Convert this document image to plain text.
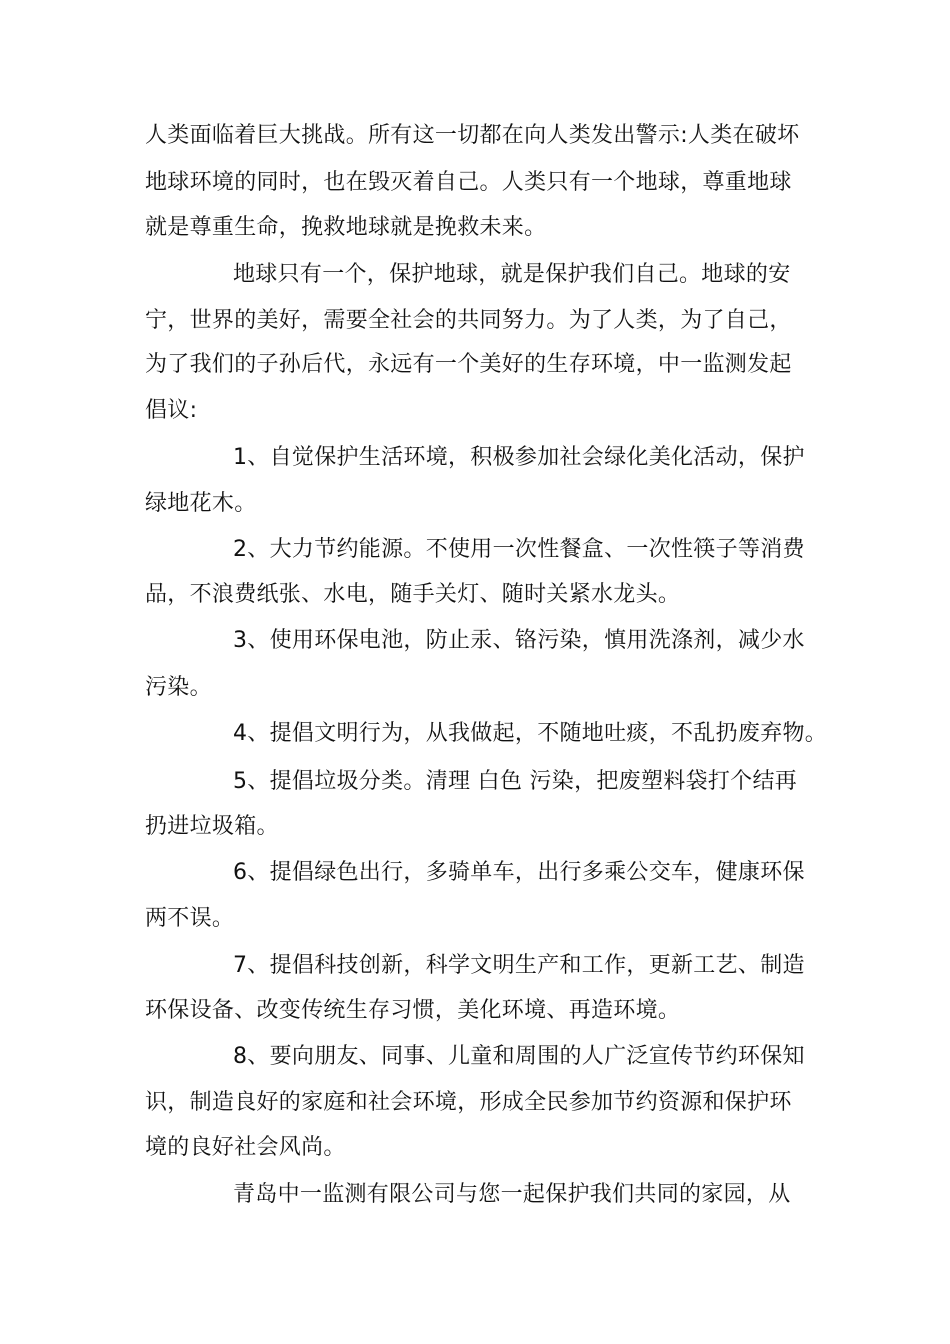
人类面临着巨大挑战。所有这一切都在向人类发出警示:人类在破坏
地球环境的同时，也在毁灭着自己。人类只有一个地球，尊重地球
就是尊重生命，挽救地球就是挽救未来。
地球只有一个，保护地球，就是保护我们自己。地球的安
宁，世界的美好，需要全社会的共同努力。为了人类，为了自己，
为了我们的子孙后代，永远有一个美好的生存环境，中一监测发起
倡议:
1、自觉保护生活环境，积极参加社会绿化美化活动，保护
绿地花木。
2、大力节约能源。不使用一次性餐盒、一次性筷子等消费
品，不浪费纸张、水电，随手关灯、随时关紧水龙头。
3、使用环保电池，防止汞、铬污染，慎用洗涤剂，减少水
污染。
4、提倡文明行为，从我做起，不随地吐痰，不乱扔废弃物。
5、提倡垃圾分类。清理 白色 污染，把废塑料袋打个结再
扔进垃圾箱。
6、提倡绿色出行，多骑单车，出行多乘公交车，健康环保
两不误。
7、提倡科技创新，科学文明生产和工作，更新工艺、制造
环保设备、改变传统生存习惯，美化环境、再造环境。
8、要向朋友、同事、儿童和周围的人广泛宣传节约环保知
识，制造良好的家庭和社会环境，形成全民参加节约资源和保护环
境的良好社会风尚。
青岛中一监测有限公司与您一起保护我们共同的家园，从
